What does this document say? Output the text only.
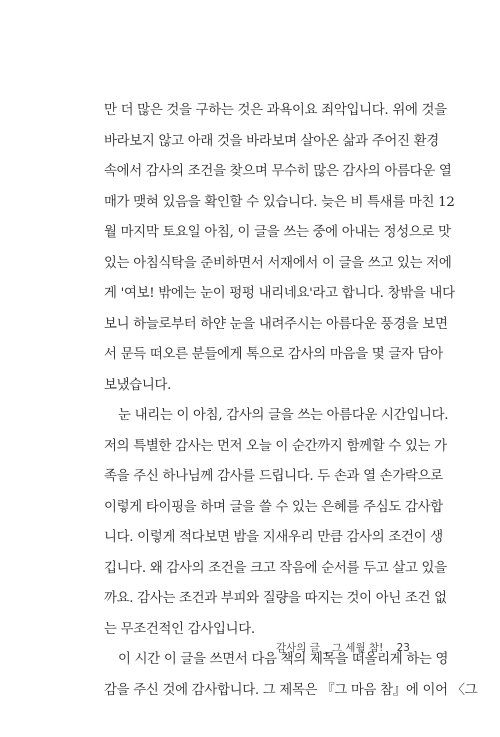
만 더 많은 것을 구하는 것은 과욕이요 죄악입니다. 위에 것을
바라보지 않고 아래 것을 바라보며 살아온 삶과 주어진 환경
속에서 감사의 조건을 찾으며 무수히 많은 감사의 아름다운 열
매가 맺혀 있음을 확인할 수 있습니다. 늦은 비 특새를 마친 12
월 마지막 토요일 아침, 이 글을 쓰는 중에 아내는 정성으로 맛
있는 아침식탁을 준비하면서 서재에서 이 글을 쓰고 있는 저에
게 '여보! 밖에는 눈이 펑펑 내리네요'라고 합니다. 창밖을 내다
보니 하늘로부터 하얀 눈을 내려주시는 아름다운 풍경을 보면
서 문득 떠오른 분들에게 톡으로 감사의 마음을 몇 글자 담아
보냈습니다.
눈 내리는 이 아침, 감사의 글을 쓰는 아름다운 시간입니다.
저의 특별한 감사는 먼저 오늘 이 순간까지 함께할 수 있는 가
족을 주신 하나님께 감사를 드립니다. 두 손과 열 손가락으로
이렇게 타이핑을 하며 글을 쓸 수 있는 은혜를 주심도 감사합
니다. 이렇게 적다보면 밤을 지새우리 만큼 감사의 조건이 생
깁니다. 왜 감사의 조건을 크고 작음에 순서를 두고 살고 있을
까요. 감사는 조건과 부피와 질량을 따지는 것이 아닌 조건 없
는 무조건적인 감사입니다.
이 시간 이 글을 쓰면서 다음 책의 제목을 떠올리게 하는 영
감을 주신 것에 감사합니다. 그 제목은 『그 마음 참』에 이어 〈그
감사의 글 _ 그 세월 참! 23
